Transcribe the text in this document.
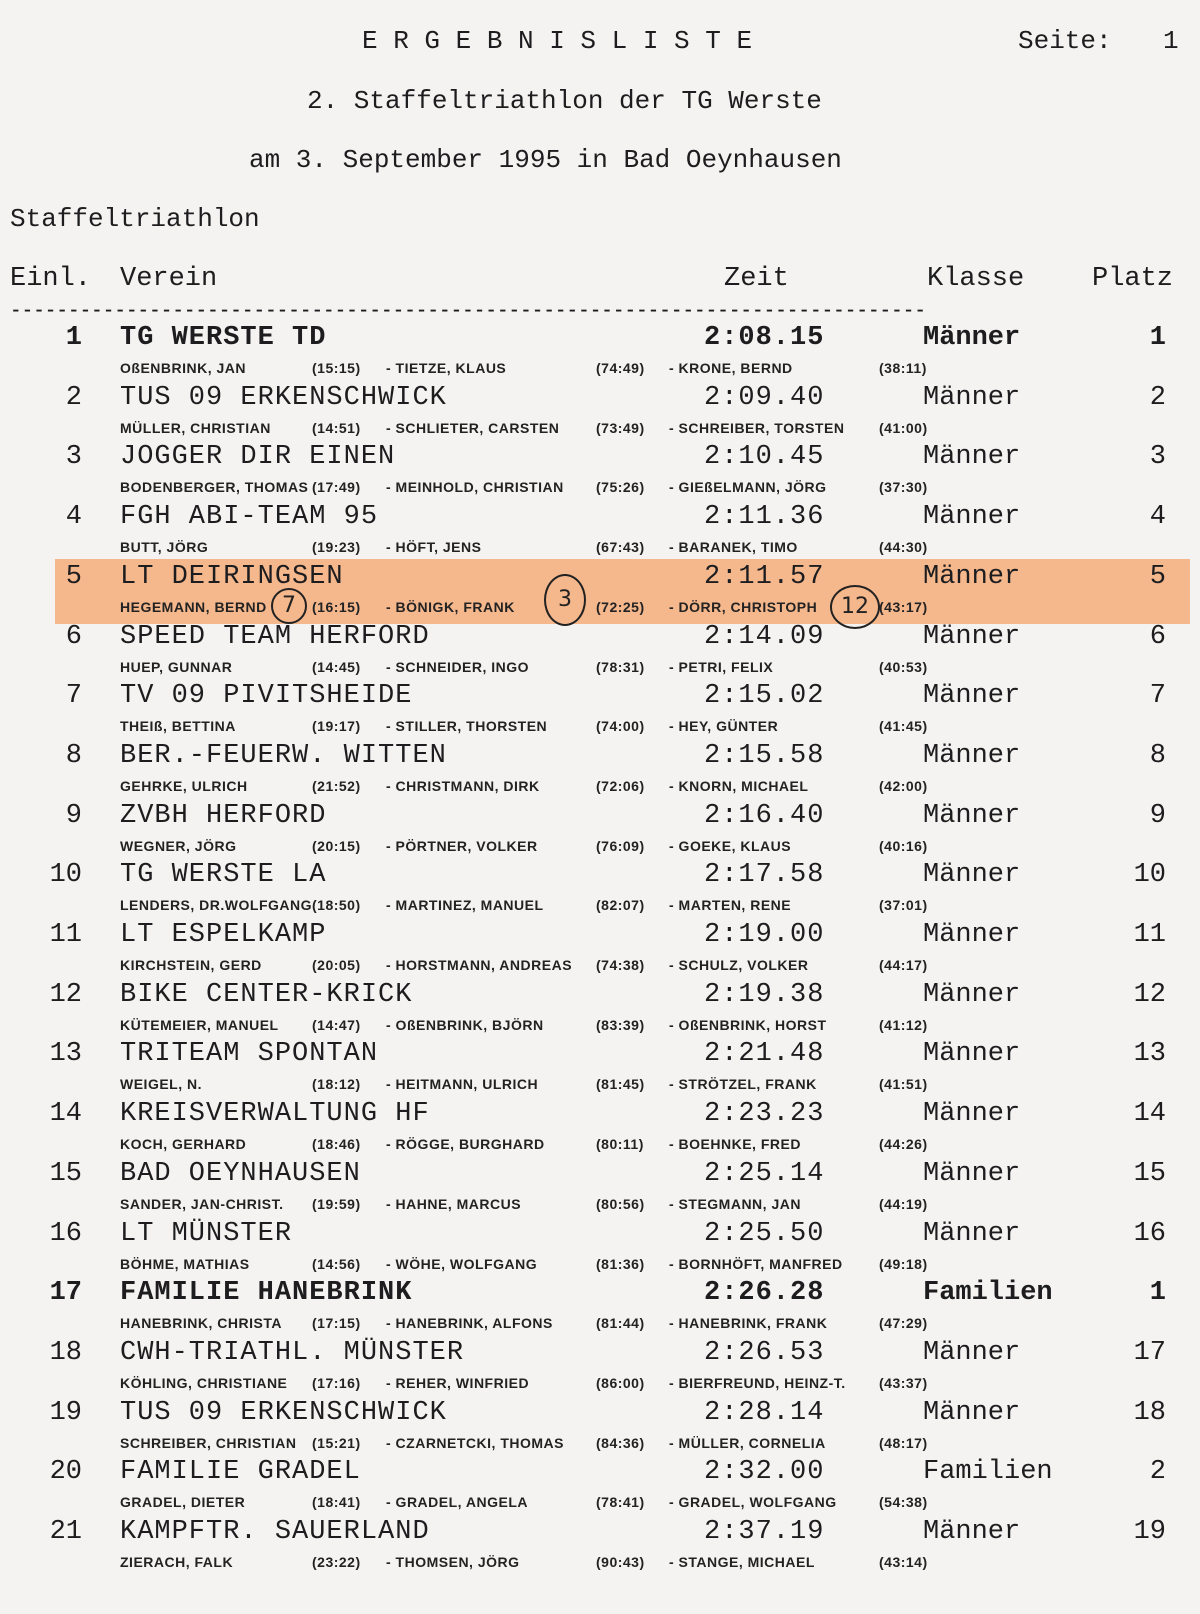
E R G E B N I S L I S T E	Seite: 1
2. Staffeltriathlon der TG Werste
am 3. September 1995 in Bad Oeynhausen
Staffeltriathlon
Einl. Verein	Zeit	Klasse	Platz
-------------------------------------------------------------------------------
1 TG WERSTE TD	2:08.15	Männer	1
OßENBRINK, JAN	(15:15) - TIETZE, KLAUS	(74:49) - KRONE, BERND	(38:11)
2 TUS 09 ERKENSCHWICK	2:09.40	Männer	2
MÜLLER, CHRISTIAN	(14:51) - SCHLIETER, CARSTEN	(73:49) - SCHREIBER, TORSTEN (41:00)
3 JOGGER DIR EINEN	2:10.45	Männer	3
BODENBERGER, THOMAS (17:49) - MEINHOLD, CHRISTIAN (75:26) - GIEßELMANN, JÖRG	(37:30)
4 FGH ABI-TEAM 95	2:11.36	Männer	4
BUTT, JÖRG	(19:23) - HÖFT, JENS	(67:43) - BARANEK, TIMO	(44:30)
5 LT DEIRINGSEN	2:11.57	Männer	5
HEGEMANN, BERND	(16:15) - BÖNIGK, FRANK	(72:25) - DÖRR, CHRISTOPH	(43:17)
6 SPEED TEAM HERFORD	2:14.09	Männer	6
HUEP, GUNNAR	(14:45) - SCHNEIDER, INGO	(78:31) - PETRI, FELIX	(40:53)
7 TV 09 PIVITSHEIDE	2:15.02	Männer	7
THEIß, BETTINA	(19:17) - STILLER, THORSTEN	(74:00) - HEY, GÜNTER	(41:45)
8 BER.-FEUERW. WITTEN	2:15.58	Männer	8
GEHRKE, ULRICH	(21:52) - CHRISTMANN, DIRK	(72:06) - KNORN, MICHAEL	(42:00)
9 ZVBH HERFORD	2:16.40	Männer	9
WEGNER, JÖRG	(20:15) - PÖRTNER, VOLKER	(76:09) - GOEKE, KLAUS	(40:16)
10 TG WERSTE LA	2:17.58	Männer	10
LENDERS, DR.WOLFGANG (18:50) - MARTINEZ, MANUEL	(82:07) - MARTEN, RENE	(37:01)
11 LT ESPELKAMP	2:19.00	Männer	11
KIRCHSTEIN, GERD	(20:05) - HORSTMANN, ANDREAS (74:38) - SCHULZ, VOLKER	(44:17)
12 BIKE CENTER-KRICK	2:19.38	Männer	12
KÜTEMEIER, MANUEL (14:47) - OßENBRINK, BJÖRN	(83:39) - OßENBRINK, HORST	(41:12)
13 TRITEAM SPONTAN	2:21.48	Männer	13
WEIGEL, N.	(18:12) - HEITMANN, ULRICH	(81:45) - STRÖTZEL, FRANK	(41:51)
14 KREISVERWALTUNG HF	2:23.23	Männer	14
KOCH, GERHARD	(18:46) - RÖGGE, BURGHARD	(80:11) - BOEHNKE, FRED	(44:26)
15 BAD OEYNHAUSEN	2:25.14	Männer	15
SANDER, JAN-CHRIST. (19:59) - HAHNE, MARCUS	(80:56) - STEGMANN, JAN	(44:19)
16 LT MÜNSTER	2:25.50	Männer	16
BÖHME, MATHIAS	(14:56) - WÖHE, WOLFGANG	(81:36) - BORNHÖFT, MANFRED	(49:18)
17 FAMILIE HANEBRINK	2:26.28	Familien	1
HANEBRINK, CHRISTA (17:15) - HANEBRINK, ALFONS	(81:44) - HANEBRINK, FRANK	(47:29)
18 CWH-TRIATHL. MÜNSTER	2:26.53	Männer	17
KÖHLING, CHRISTIANE (17:16) - REHER, WINFRIED	(86:00) - BIERFREUND, HEINZ-T. (43:37)
19 TUS 09 ERKENSCHWICK	2:28.14	Männer	18
SCHREIBER, CHRISTIAN (15:21) - CZARNETCKI, THOMAS (84:36) - MÜLLER, CORNELIA	(48:17)
20 FAMILIE GRADEL	2:32.00	Familien	2
GRADEL, DIETER	(18:41) - GRADEL, ANGELA	(78:41) - GRADEL, WOLFGANG	(54:38)
21 KAMPFTR. SAUERLAND	2:37.19	Männer	19
ZIERACH, FALK	(23:22) - THOMSEN, JÖRG	(90:43) - STANGE, MICHAEL	(43:14)
7	3	12
